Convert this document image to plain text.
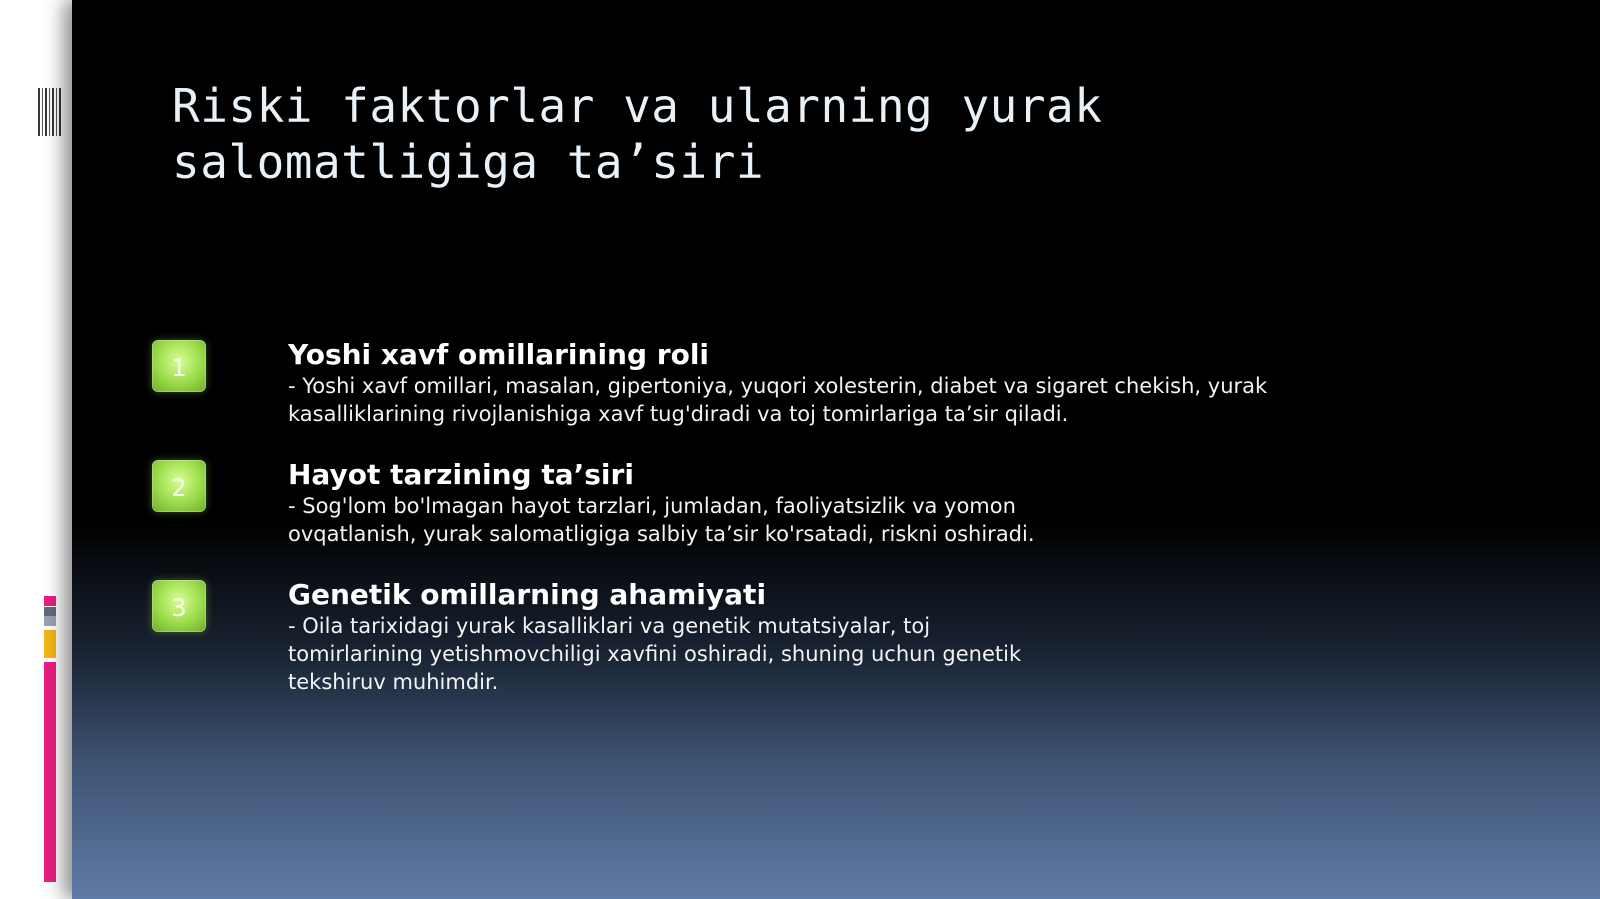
Riski faktorlar va ularning yurak salomatligiga ta’siri
1	Yoshi xavf omillarining roli

- Yoshi xavf omillari, masalan, gipertoniya, yuqori xolesterin, diabet va sigaret chekish, yurak kasalliklarining rivojlanishiga xavf tug'diradi va toj tomirlariga ta’sir qiladi.

2	Hayot tarzining ta’siri

- Sog'lom bo'lmagan hayot tarzlari, jumladan, faoliyatsizlik va yomon ovqatlanish, yurak salomatligiga salbiy ta’sir ko'rsatadi, riskni oshiradi.

3	Genetik omillarning ahamiyati

- Oila tarixidagi yurak kasalliklari va genetik mutatsiyalar, toj tomirlarining yetishmovchiligi xavfini oshiradi, shuning uchun genetik tekshiruv muhimdir.
